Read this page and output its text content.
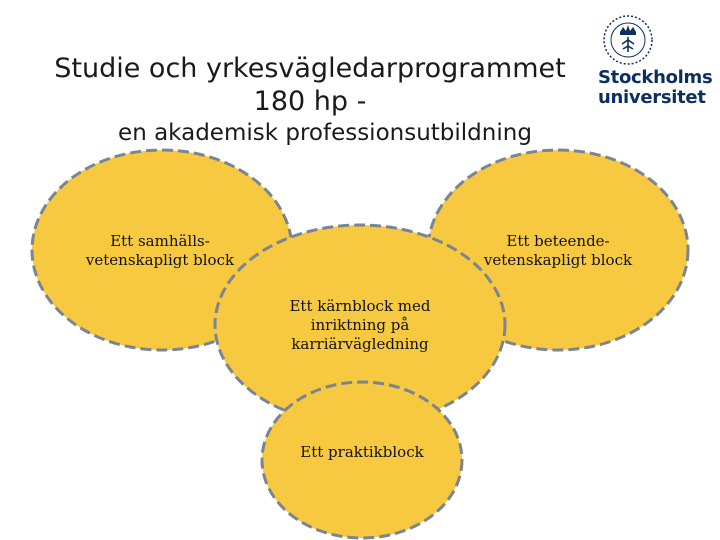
Studie och yrkesvägledarprogrammet
180 hp -
en akademisk professionsutbildning
Stockholms
universitet
Ett samhälls-
vetenskapligt block
Ett beteende-
vetenskapligt block
Ett kärnblock med
inriktning på
karriärvägledning
Ett praktikblock
